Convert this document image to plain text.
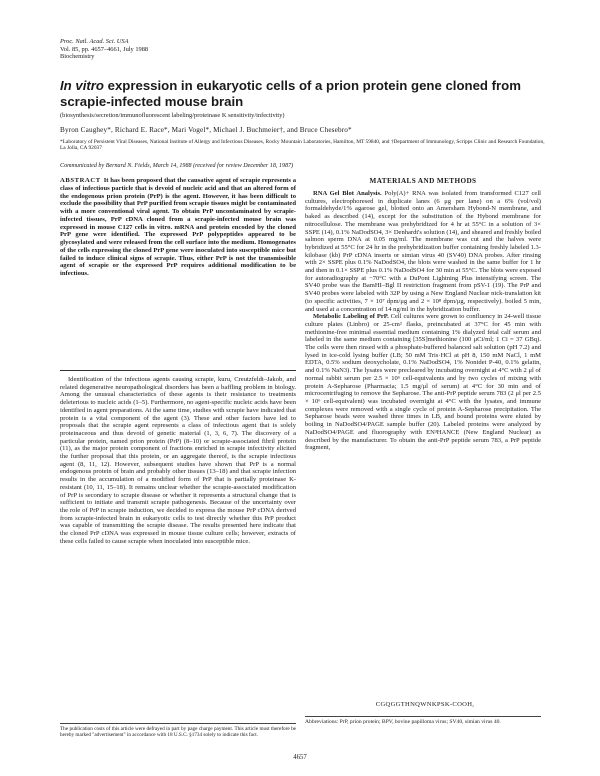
Proc. Natl. Acad. Sci. USA
Vol. 85, pp. 4657–4661, July 1988
Biochemistry
In vitro expression in eukaryotic cells of a prion protein gene cloned from scrapie-infected mouse brain
(biosynthesis/secretion/immunofluorescent labeling/proteinase K sensitivity/infectivity)
Byron Caughey*, Richard E. Race*, Mari Vogel*, Michael J. Buchmeier†, and Bruce Chesebro*
*Laboratory of Persistent Viral Diseases, National Institute of Allergy and Infectious Diseases, Rocky Mountain Laboratories, Hamilton, MT 59840, and †Department of Immunology, Scripps Clinic and Research Foundation, La Jolla, CA 92037
Communicated by Bernard N. Fields, March 14, 1988 (received for review December 18, 1987)
ABSTRACT It has been proposed that the causative agent of scrapie represents a class of infectious particle that is devoid of nucleic acid and that an altered form of the endogenous prion protein (PrP) is the agent. However, it has been difficult to exclude the possibility that PrP purified from scrapie tissues might be contaminated with a more conventional viral agent. To obtain PrP uncontaminated by scrapie-infected tissues, PrP cDNA cloned from a scrapie-infected mouse brain was expressed in mouse C127 cells in vitro. mRNA and protein encoded by the cloned PrP gene were identified. The expressed PrP polypeptides appeared to be glycosylated and were released from the cell surface into the medium. Homogenates of the cells expressing the cloned PrP gene were inoculated into susceptible mice but failed to induce clinical signs of scrapie. Thus, either PrP is not the transmissible agent of scrapie or the expressed PrP requires additional modification to be infectious.
Identification of the infectious agents causing scrapie, kuru, Creutzfeldt–Jakob, and related degenerative neuropathological disorders has been a baffling problem in biology. Among the unusual characteristics of these agents is their resistance to treatments deleterious to nucleic acids (1–5). Furthermore, no agent-specific nucleic acids have been identified in agent preparations. At the same time, studies with scrapie have indicated that protein is a vital component of the agent (3). These and other factors have led to proposals that the scrapie agent represents a class of infectious agent that is solely proteinaceous and thus devoid of genetic material (1, 3, 6, 7). The discovery of a particular protein, named prion protein (PrP) (8–10) or scrapie-associated fibril protein (11), as the major protein component of fractions enriched in scrapie infectivity elicited the further proposal that this protein, or an aggregate thereof, is the scrapie infectious agent (8, 11, 12). However, subsequent studies have shown that PrP is a normal endogenous protein of brain and probably other tissues (13–18) and that scrapie infection results in the accumulation of a modified form of PrP that is partially proteinase K-resistant (10, 11, 15–18). It remains unclear whether the scrapie-associated modification of PrP is secondary to scrapie disease or whether it represents a structural change that is sufficient to initiate and transmit scrapie pathogenesis. Because of the uncertainty over the role of PrP in scrapie induction, we decided to express the mouse PrP cDNA derived from scrapie-infected brain in eukaryotic cells to test directly whether this PrP product was capable of transmitting the scrapie disease. The results presented here indicate that the cloned PrP cDNA was expressed in mouse tissue culture cells; however, extracts of these cells failed to cause scrapie when inoculated into susceptible mice.
The publication costs of this article were defrayed in part by page charge payment. This article must therefore be hereby marked "advertisement" in accordance with 18 U.S.C. §1734 solely to indicate this fact.
MATERIALS AND METHODS

RNA Gel Blot Analysis. Poly(A)+ RNA was isolated from transformed C127 cell cultures, electrophoresed in duplicate lanes (6 μg per lane) on a 6% (vol/vol) formaldehyde/1% agarose gel, blotted onto an Amersham Hybond-N membrane, and baked as described (14), except for the substitution of the Hybond membrane for nitrocellulose. The membrane was prehybridized for 4 hr at 55°C in a solution of 3× SSPE (14), 0.1% NaDodSO4, 3× Denhardt's solution (14), and sheared and freshly boiled salmon sperm DNA at 0.05 mg/ml. The membrane was cut and the halves were hybridized at 55°C for 24 hr in the prehybridization buffer containing freshly labeled 1.3-kilobase (kb) PrP cDNA inserts or simian virus 40 (SV40) DNA probes. After rinsing with 2× SSPE plus 0.1% NaDodSO4, the blots were washed in the same buffer for 1 hr and then in 0.1× SSPE plus 0.1% NaDodSO4 for 30 min at 55°C. The blots were exposed for autoradiography at −70°C with a DuPont Lightning Plus intensifying screen. The SV40 probe was the BamHI–Bgl II restriction fragment from pSV-1 (19). The PrP and SV40 probes were labeled with 32P by using a New England Nuclear nick-translation kit (to specific activities, 7 × 10⁷ dpm/μg and 2 × 10⁸ dpm/μg, respectively). boiled 5 min, and used at a concentration of 14 ng/ml in the hybridization buffer.

Metabolic Labeling of PrP. Cell cultures were grown to confluency in 24-well tissue culture plates (Linbro) or 25-cm² flasks, preincubated at 37°C for 45 min with methionine-free minimal essential medium containing 1% dialyzed fetal calf serum and labeled in the same medium containing [35S]methionine (100 μCi/ml; 1 Ci = 37 GBq). The cells were then rinsed with a phosphate-buffered balanced salt solution (pH 7.2) and lysed in ice-cold lysing buffer (LB; 50 mM Tris·HCl at pH 8, 150 mM NaCl, 1 mM EDTA, 0.5% sodium deoxycholate, 0.1% NaDodSO4, 1% Nonidet P-40, 0.1% gelatin, and 0.1% NaN3). The lysates were precleared by incubating overnight at 4°C with 2 μl of normal rabbit serum per 2.5 × 10⁶ cell-equivalents and by two cycles of mixing with protein A-Sepharose (Pharmacia; 1.5 mg/μl of serum) at 4°C for 30 min and of microcentrifuging to remove the Sepharose. The anti-PrP peptide serum 783 (2 μl per 2.5 × 10⁶ cell-equivalent) was incubated overnight at 4°C with the lysates, and immune complexes were removed with a single cycle of protein A-Sepharose precipitation. The Sepharose beads were washed three times in LB, and bound proteins were eluted by boiling in NaDodSO4/PAGE sample buffer (20). Labeled proteins were analyzed by NaDodSO4/PAGE and fluorography with EN³HANCE (New England Nuclear) as described by the manufacturer. To obtain the anti-PrP peptide serum 783, a PrP peptide fragment,

CGQGGTHNQWNKPSK-COOH,
Abbreviations: PrP, prion protein; BPV, bovine papilloma virus; SV40, simian virus 40.
4657
